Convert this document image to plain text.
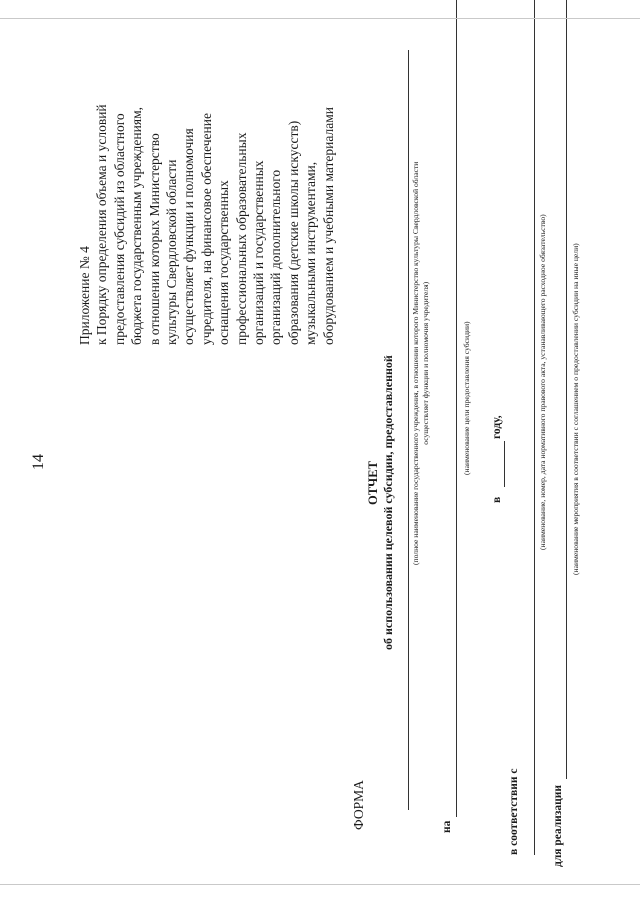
14
Приложение № 4 к Порядку определения объема и условий предоставления субсидий из областного бюджета государственным учреждениям, в отношении которых Министерство культуры Свердловской области осуществляет функции и полномочия учредителя, на финансовое обеспечение оснащения государственных профессиональных образовательных организаций и государственных организаций дополнительного образования (детские школы искусств) музыкальными инструментами, оборудованием и учебными материалами
ФОРМА
ОТЧЕТ об использовании целевой субсидии, предоставленной (полное наименование государственного учреждения, в отношении которого Министерство культуры Свердловской области
осуществляет функции и полномочия учредителя)
на
(наименование цели предоставления субсидии)
в
году,
в соответствии с
(наименование, номер, дата нормативного правового акта, устанавливающего расходное обязательство)
для реализации
(наименование мероприятия в соответствии с соглашением о предоставлении субсидии на иные цели)
